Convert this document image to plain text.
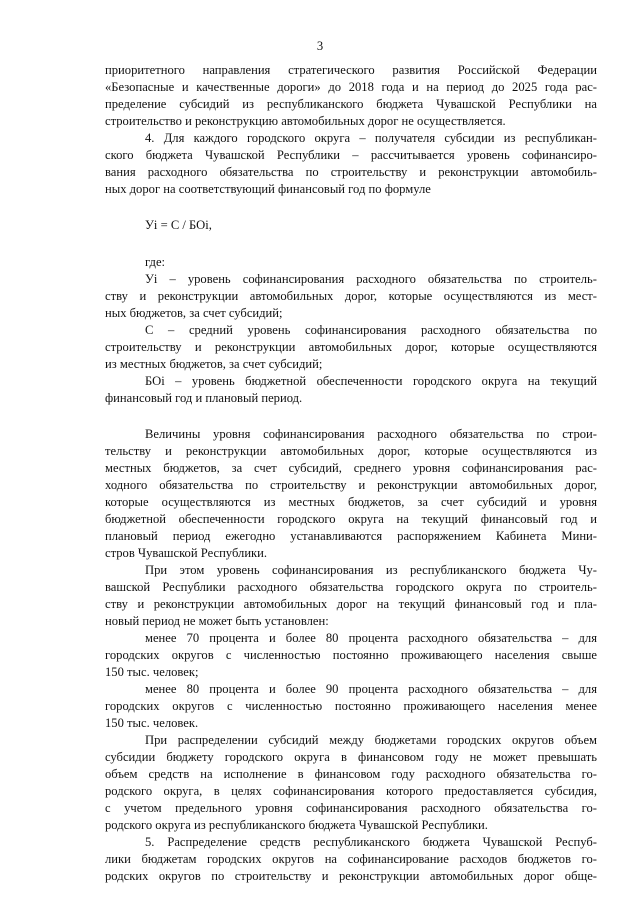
3
приоритетного направления стратегического развития Российской Федерации
«Безопасные и качественные дороги» до 2018 года и на период до 2025 года рас-
пределение субсидий из республиканского бюджета Чувашской Республики на
строительство и реконструкцию автомобильных дорог не осуществляется.
4. Для каждого городского округа – получателя субсидии из республикан-
ского бюджета Чувашской Республики – рассчитывается уровень софинансиро-
вания расходного обязательства по строительству и реконструкции автомобиль-
ных дорог на соответствующий финансовый год по формуле
Уi = С / БОi,
где:
Уi – уровень софинансирования расходного обязательства по строитель-
ству и реконструкции автомобильных дорог, которые осуществляются из мест-
ных бюджетов, за счет субсидий;
С – средний уровень софинансирования расходного обязательства по
строительству и реконструкции автомобильных дорог, которые осуществляются
из местных бюджетов, за счет субсидий;
БОi – уровень бюджетной обеспеченности городского округа на текущий
финансовый год и плановый период.
Величины уровня софинансирования расходного обязательства по строи-
тельству и реконструкции автомобильных дорог, которые осуществляются из
местных бюджетов, за счет субсидий, среднего уровня софинансирования рас-
ходного обязательства по строительству и реконструкции автомобильных дорог,
которые осуществляются из местных бюджетов, за счет субсидий и уровня
бюджетной обеспеченности городского округа на текущий финансовый год и
плановый период ежегодно устанавливаются распоряжением Кабинета Мини-
стров Чувашской Республики.
При этом уровень софинансирования из республиканского бюджета Чу-
вашской Республики расходного обязательства городского округа по строитель-
ству и реконструкции автомобильных дорог на текущий финансовый год и пла-
новый период не может быть установлен:
менее 70 процента и более 80 процента расходного обязательства – для
городских округов с численностью постоянно проживающего населения свыше
150 тыс. человек;
менее 80 процента и более 90 процента расходного обязательства – для
городских округов с численностью постоянно проживающего населения менее
150 тыс. человек.
При распределении субсидий между бюджетами городских округов объем
субсидии бюджету городского округа в финансовом году не может превышать
объем средств на исполнение в финансовом году расходного обязательства го-
родского округа, в целях софинансирования которого предоставляется субсидия,
с учетом предельного уровня софинансирования расходного обязательства го-
родского округа из республиканского бюджета Чувашской Республики.
5. Распределение средств республиканского бюджета Чувашской Респуб-
лики бюджетам городских округов на софинансирование расходов бюджетов го-
родских округов по строительству и реконструкции автомобильных дорог обще-
